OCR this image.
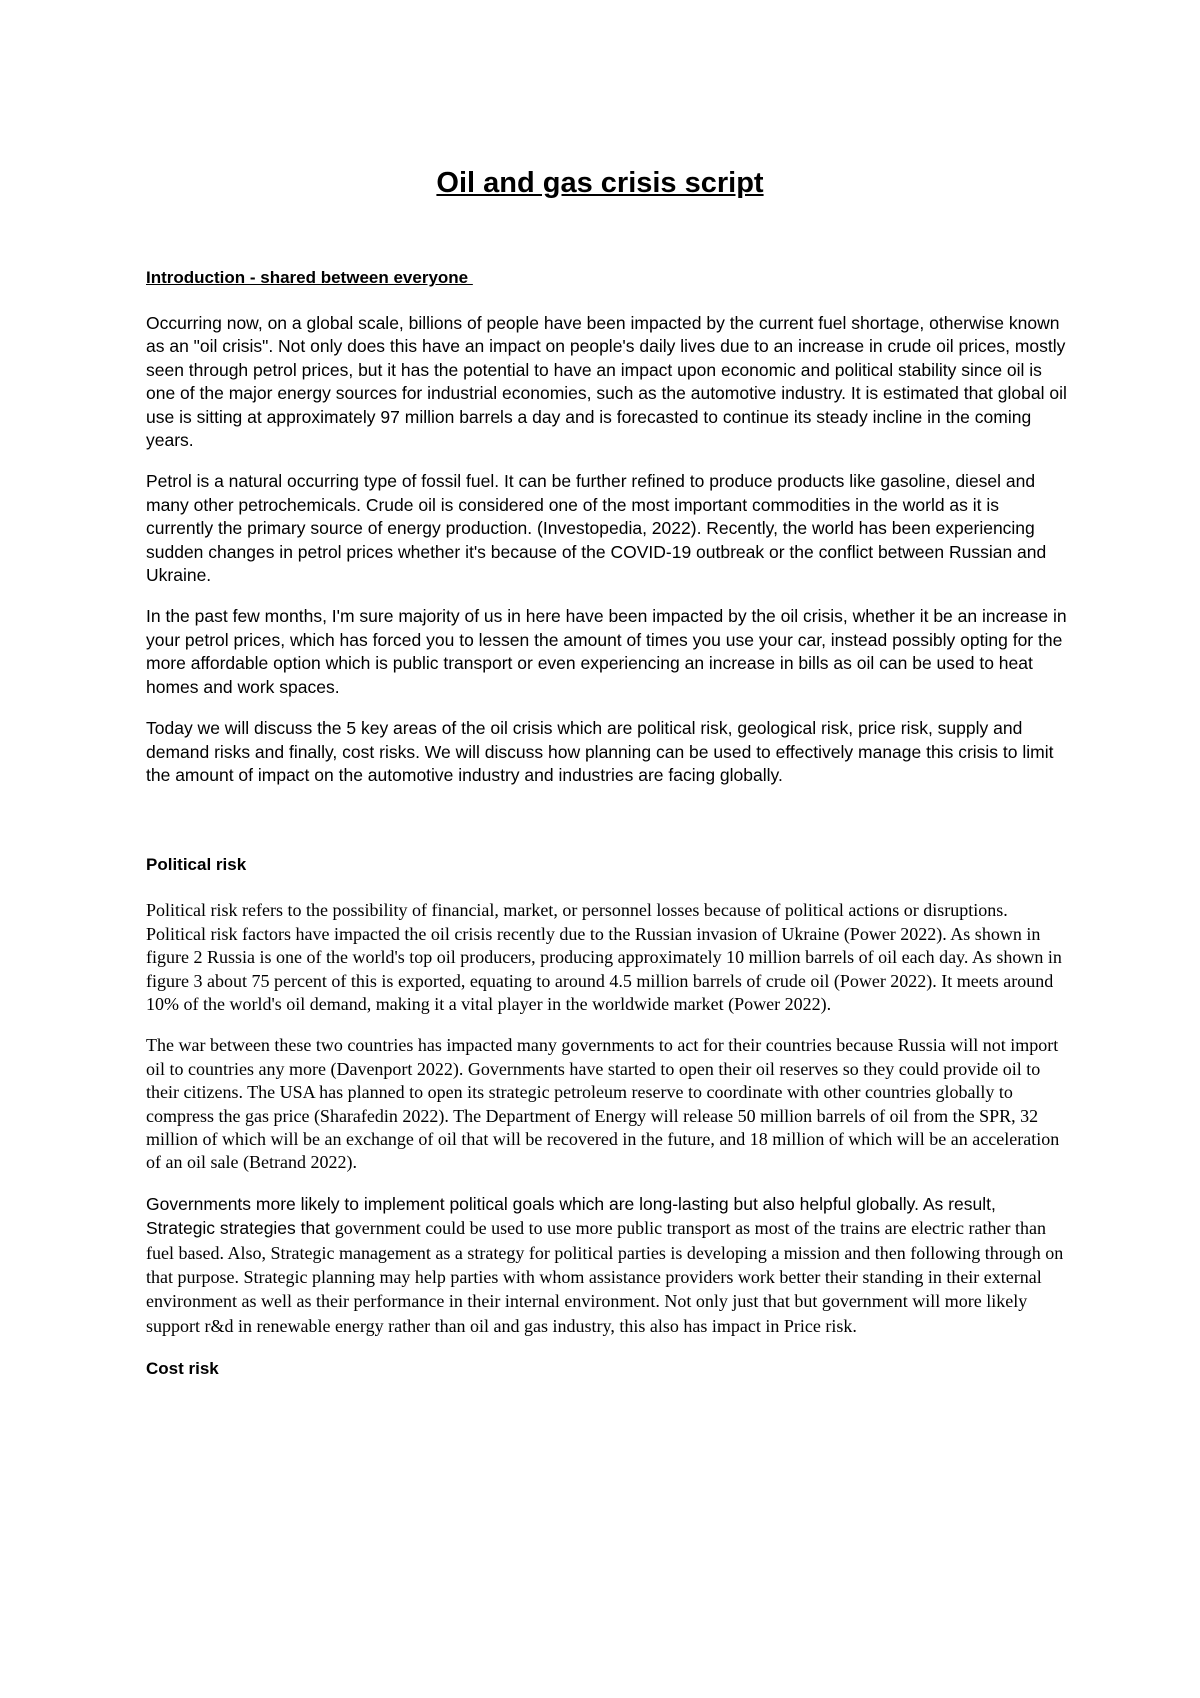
Oil and gas crisis script
Introduction - shared between everyone

Occurring now, on a global scale, billions of people have been impacted by the current fuel shortage, otherwise known as an "oil crisis". Not only does this have an impact on people's daily lives due to an increase in crude oil prices, mostly seen through petrol prices, but it has the potential to have an impact upon economic and political stability since oil is one of the major energy sources for industrial economies, such as the automotive industry. It is estimated that global oil use is sitting at approximately 97 million barrels a day and is forecasted to continue its steady incline in the coming years.

Petrol is a natural occurring type of fossil fuel. It can be further refined to produce products like gasoline, diesel and many other petrochemicals. Crude oil is considered one of the most important commodities in the world as it is currently the primary source of energy production. (Investopedia, 2022). Recently, the world has been experiencing sudden changes in petrol prices whether it's because of the COVID-19 outbreak or the conflict between Russian and Ukraine.

In the past few months, I'm sure majority of us in here have been impacted by the oil crisis, whether it be an increase in your petrol prices, which has forced you to lessen the amount of times you use your car, instead possibly opting for the more affordable option which is public transport or even experiencing an increase in bills as oil can be used to heat homes and work spaces.

Today we will discuss the 5 key areas of the oil crisis which are political risk, geological risk, price risk, supply and demand risks and finally, cost risks. We will discuss how planning can be used to effectively manage this crisis to limit the amount of impact on the automotive industry and industries are facing globally.

Political risk

Political risk refers to the possibility of financial, market, or personnel losses because of political actions or disruptions. Political risk factors have impacted the oil crisis recently due to the Russian invasion of Ukraine (Power 2022). As shown in figure 2 Russia is one of the world's top oil producers, producing approximately 10 million barrels of oil each day. As shown in figure 3 about 75 percent of this is exported, equating to around 4.5 million barrels of crude oil (Power 2022). It meets around 10% of the world's oil demand, making it a vital player in the worldwide market (Power 2022).

The war between these two countries has impacted many governments to act for their countries because Russia will not import oil to countries any more (Davenport 2022). Governments have started to open their oil reserves so they could provide oil to their citizens. The USA has planned to open its strategic petroleum reserve to coordinate with other countries globally to compress the gas price (Sharafedin 2022). The Department of Energy will release 50 million barrels of oil from the SPR, 32 million of which will be an exchange of oil that will be recovered in the future, and 18 million of which will be an acceleration of an oil sale (Betrand 2022).

Governments more likely to implement political goals which are long-lasting but also helpful globally. As result, Strategic strategies that government could be used to use more public transport as most of the trains are electric rather than fuel based. Also, Strategic management as a strategy for political parties is developing a mission and then following through on that purpose. Strategic planning may help parties with whom assistance providers work better their standing in their external environment as well as their performance in their internal environment. Not only just that but government will more likely support r&d in renewable energy rather than oil and gas industry, this also has impact in Price risk.

Cost risk
